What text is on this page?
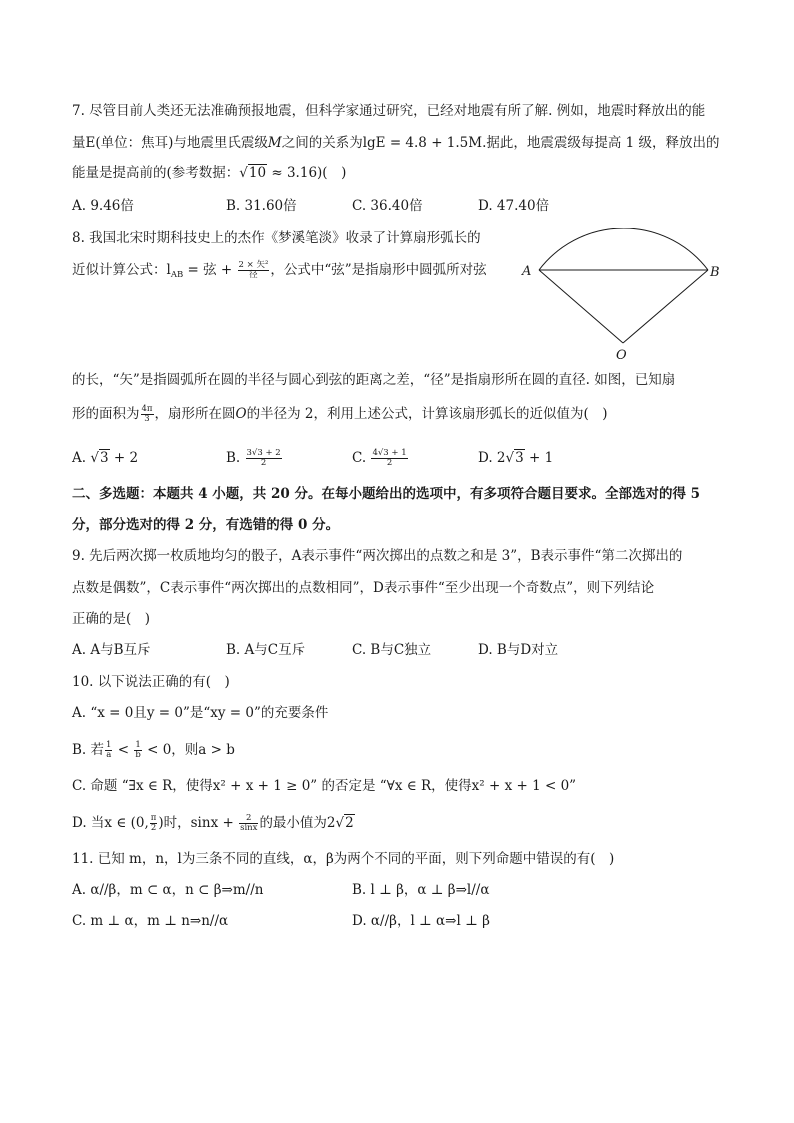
7. 尽管目前人类还无法准确预报地震，但科学家通过研究，已经对地震有所了解. 例如，地震时释放出的能
量E(单位：焦耳)与地震里氏震级M之间的关系为lgE = 4.8 + 1.5M.据此，地震震级每提高 1 级，释放出的
能量是提高前的(参考数据：√10 ≈ 3.16)(　)
A. 9.46倍	B. 31.60倍	C. 36.40倍	D. 47.40倍
8. 我国北宋时期科技史上的杰作《梦溪笔淡》收录了计算扇形弧长的
近似计算公式：$l_{AB}$ = 弦 + $\frac{\text{2 × 矢²}}{\text{径}}$ ，公式中“弦”是指扇形中圆弧所对弦	A	B
O
的长，“矢”是指圆弧所在圆的半径与圆心到弦的距离之差，“径”是指扇形所在圆的直径. 如图，已知扇
形的面积为 $\frac{4\pi}{3}$ ，扇形所在圆O的半径为 2，利用上述公式，计算该扇形弧长的近似值为(　)
A. √3 + 2	B. $\frac{3√3 + 2}{2}$	C. $\frac{4√3 + 1}{2}$	D. 2√3 + 1
二、多选题：本题共 4 小题，共 20 分。在每小题给出的选项中，有多项符合题目要求。全部选对的得 5
分，部分选对的得 2 分，有选错的得 0 分。
9. 先后两次掷一枚质地均匀的骰子，A表示事件“两次掷出的点数之和是 3”，B表示事件“第二次掷出的
点数是偶数”，C表示事件“两次掷出的点数相同”，D表示事件“至少出现一个奇数点”，则下列结论
正确的是(　)
A. A与B互斥	B. A与C互斥	C. B与C独立	D. B与D对立
10. 以下说法正确的有(　)
A. “x = 0且y = 0”是“xy = 0”的充要条件
B. 若 $\frac{1}{a} < \frac{1}{b} < 0$，则a > b
C. 命题 “∃x ∈ R，使得x² + x + 1 ≥ 0” 的否定是 “∀x ∈ R，使得x² + x + 1 < 0”
D. 当x ∈ (0, $\frac{\pi}{2}$ )时，$\sin x + \frac{2}{\sin x}$ 的最小值为2√2
11. 已知 m，n，l为三条不同的直线，α，β为两个不同的平面，则下列命题中错误的有(　)
A. α//β，m ⊂ α，n ⊂ β⇒m//n	B. l ⊥ β，α ⊥ β⇒l//α
C. m ⊥ α，m ⊥ n⇒n//α	D. α//β，l ⊥ α⇒l ⊥ β
